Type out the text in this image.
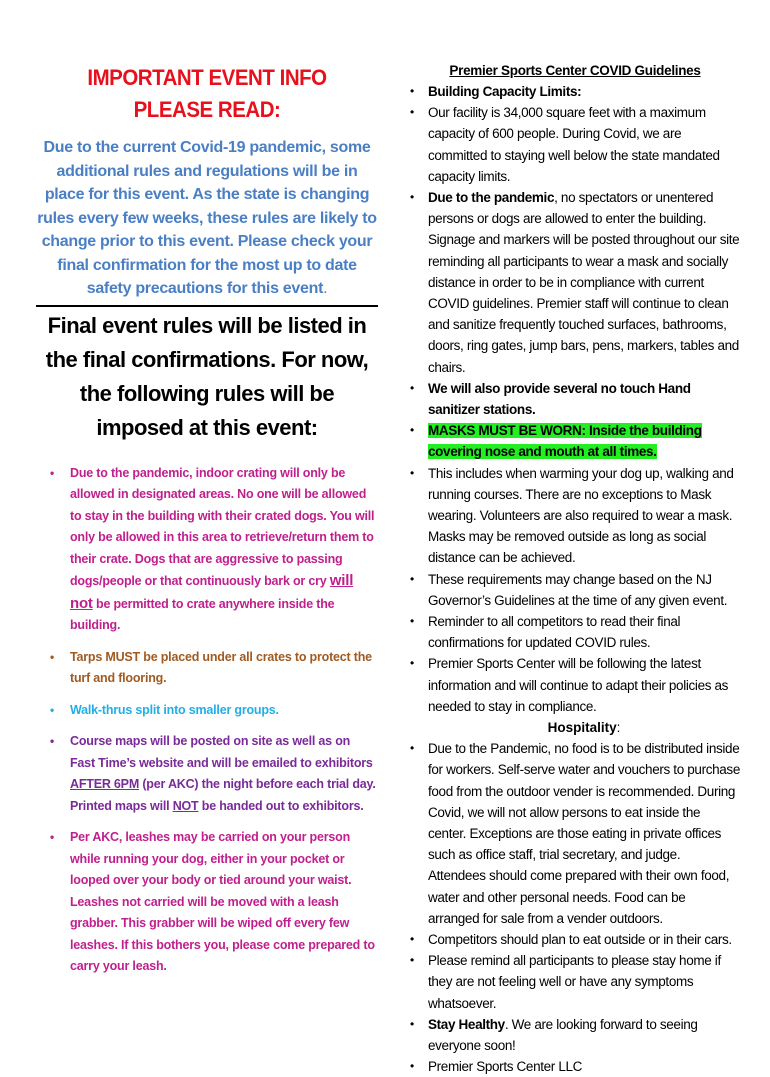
IMPORTANT EVENT INFO PLEASE READ:

Due to the current Covid-19 pandemic, some additional rules and regulations will be in place for this event. As the state is changing rules every few weeks, these rules are likely to change prior to this event. Please check your final confirmation for the most up to date safety precautions for this event.

Final event rules will be listed in the final confirmations. For now, the following rules will be imposed at this event:

• Due to the pandemic, indoor crating will only be allowed in designated areas. No one will be allowed to stay in the building with their crated dogs. You will only be allowed in this area to retrieve/return them to their crate. Dogs that are aggressive to passing dogs/people or that continuously bark or cry will not be permitted to crate anywhere inside the building.
• Tarps MUST be placed under all crates to protect the turf and flooring.
• Walk-thrus split into smaller groups.
• Course maps will be posted on site as well as on Fast Time’s website and will be emailed to exhibitors AFTER 6PM (per AKC) the night before each trial day. Printed maps will NOT be handed out to exhibitors.
• Per AKC, leashes may be carried on your person while running your dog, either in your pocket or looped over your body or tied around your waist. Leashes not carried will be moved with a leash grabber. This grabber will be wiped off every few leashes. If this bothers you, please come prepared to carry your leash.

Premier Sports Center COVID Guidelines

• Building Capacity Limits:
• Our facility is 34,000 square feet with a maximum capacity of 600 people. During Covid, we are committed to staying well below the state mandated capacity limits.
• Due to the pandemic, no spectators or unentered persons or dogs are allowed to enter the building. Signage and markers will be posted throughout our site reminding all participants to wear a mask and socially distance in order to be in compliance with current COVID guidelines. Premier staff will continue to clean and sanitize frequently touched surfaces, bathrooms, doors, ring gates, jump bars, pens, markers, tables and chairs.
• We will also provide several no touch Hand sanitizer stations.
• MASKS MUST BE WORN: Inside the building covering nose and mouth at all times.
• This includes when warming your dog up, walking and running courses. There are no exceptions to Mask wearing. Volunteers are also required to wear a mask. Masks may be removed outside as long as social distance can be achieved.
• These requirements may change based on the NJ Governor’s Guidelines at the time of any given event.
• Reminder to all competitors to read their final confirmations for updated COVID rules.
• Premier Sports Center will be following the latest information and will continue to adapt their policies as needed to stay in compliance.

Hospitality:

• Due to the Pandemic, no food is to be distributed inside for workers. Self-serve water and vouchers to purchase food from the outdoor vender is recommended. During Covid, we will not allow persons to eat inside the center. Exceptions are those eating in private offices such as office staff, trial secretary, and judge. Attendees should come prepared with their own food, water and other personal needs. Food can be arranged for sale from a vender outdoors.
• Competitors should plan to eat outside or in their cars.
• Please remind all participants to please stay home if they are not feeling well or have any symptoms whatsoever.
• Stay Healthy. We are looking forward to seeing everyone soon!
• Premier Sports Center LLC
